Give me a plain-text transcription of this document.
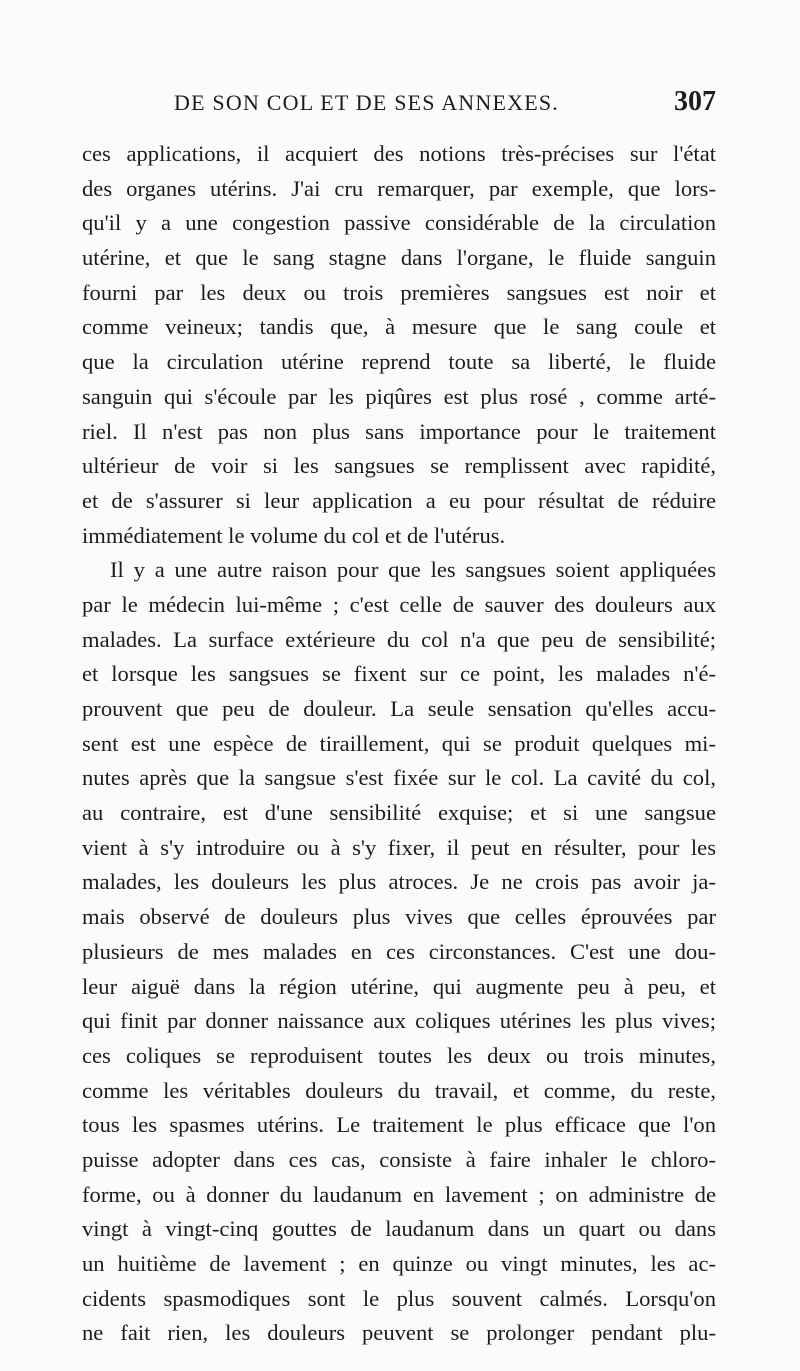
DE SON COL ET DE SES ANNEXES.	307
ces applications, il acquiert des notions très-précises sur l'état
des organes utérins. J'ai cru remarquer, par exemple, que lors-
qu'il y a une congestion passive considérable de la circulation
utérine, et que le sang stagne dans l'organe, le fluide sanguin
fourni par les deux ou trois premières sangsues est noir et
comme veineux; tandis que, à mesure que le sang coule et
que la circulation utérine reprend toute sa liberté, le fluide
sanguin qui s'écoule par les piqûres est plus rosé , comme arté-
riel. Il n'est pas non plus sans importance pour le traitement
ultérieur de voir si les sangsues se remplissent avec rapidité,
et de s'assurer si leur application a eu pour résultat de réduire
immédiatement le volume du col et de l'utérus.
Il y a une autre raison pour que les sangsues soient appliquées
par le médecin lui-même ; c'est celle de sauver des douleurs aux
malades. La surface extérieure du col n'a que peu de sensibilité;
et lorsque les sangsues se fixent sur ce point, les malades n'é-
prouvent que peu de douleur. La seule sensation qu'elles accu-
sent est une espèce de tiraillement, qui se produit quelques mi-
nutes après que la sangsue s'est fixée sur le col. La cavité du col,
au contraire, est d'une sensibilité exquise; et si une sangsue
vient à s'y introduire ou à s'y fixer, il peut en résulter, pour les
malades, les douleurs les plus atroces. Je ne crois pas avoir ja-
mais observé de douleurs plus vives que celles éprouvées par
plusieurs de mes malades en ces circonstances. C'est une dou-
leur aiguë dans la région utérine, qui augmente peu à peu, et
qui finit par donner naissance aux coliques utérines les plus vives;
ces coliques se reproduisent toutes les deux ou trois minutes,
comme les véritables douleurs du travail, et comme, du reste,
tous les spasmes utérins. Le traitement le plus efficace que l'on
puisse adopter dans ces cas, consiste à faire inhaler le chloro-
forme, ou à donner du laudanum en lavement ; on administre de
vingt à vingt-cinq gouttes de laudanum dans un quart ou dans
un huitième de lavement ; en quinze ou vingt minutes, les ac-
cidents spasmodiques sont le plus souvent calmés. Lorsqu'on
ne fait rien, les douleurs peuvent se prolonger pendant plu-
